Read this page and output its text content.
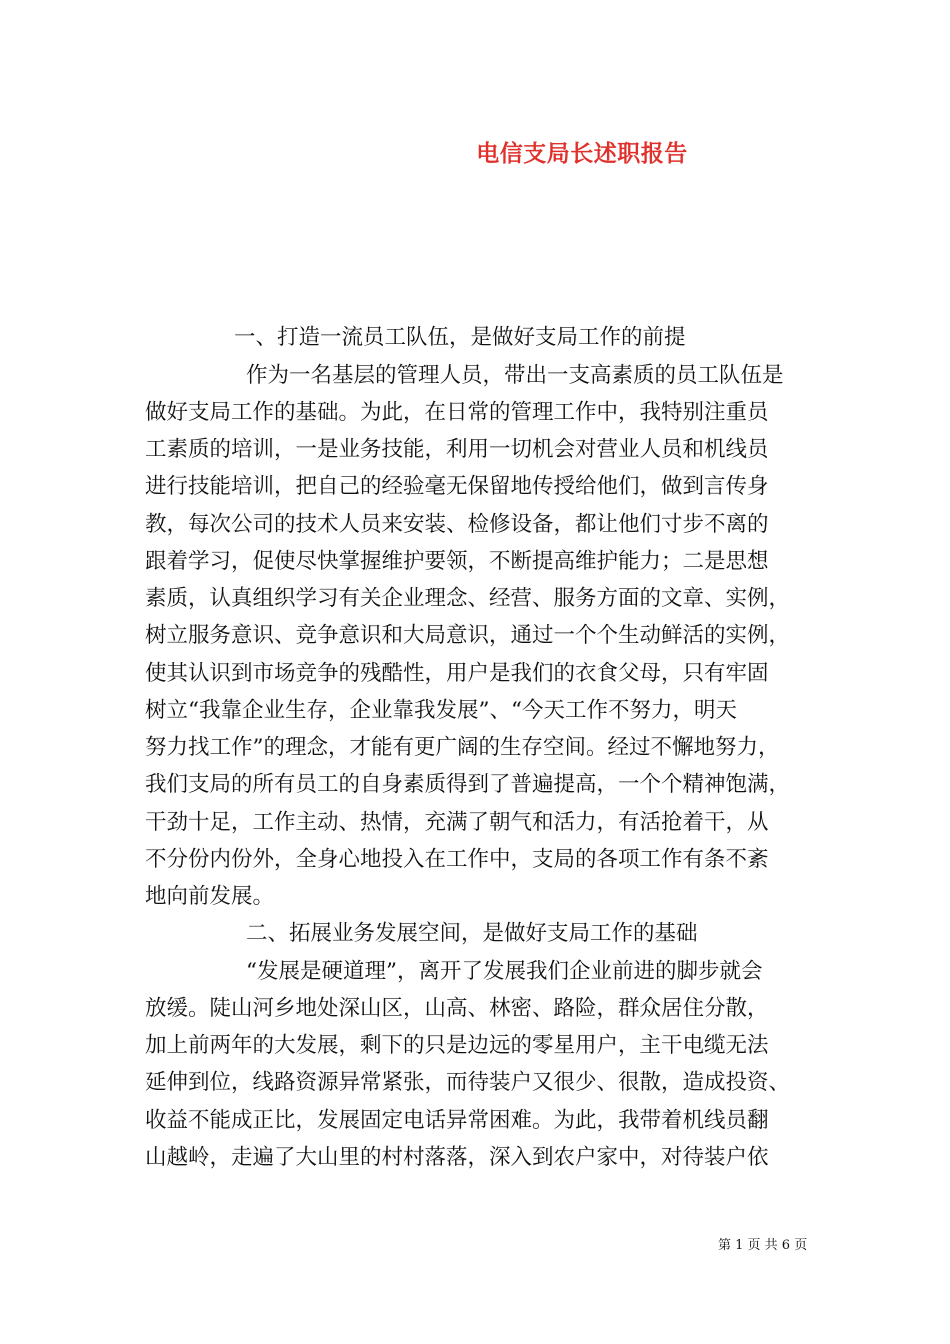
电信支局长述职报告
一、打造一流员工队伍，是做好支局工作的前提
作为一名基层的管理人员，带出一支高素质的员工队伍是
做好支局工作的基础。为此，在日常的管理工作中，我特别注重员
工素质的培训，一是业务技能，利用一切机会对营业人员和机线员
进行技能培训，把自己的经验毫无保留地传授给他们，做到言传身
教，每次公司的技术人员来安装、检修设备，都让他们寸步不离的
跟着学习，促使尽快掌握维护要领，不断提高维护能力；二是思想
素质，认真组织学习有关企业理念、经营、服务方面的文章、实例，
树立服务意识、竞争意识和大局意识，通过一个个生动鲜活的实例，
使其认识到市场竞争的残酷性，用户是我们的衣食父母，只有牢固
树立“我靠企业生存，企业靠我发展”、“今天工作不努力，明天
努力找工作”的理念，才能有更广阔的生存空间。经过不懈地努力，
我们支局的所有员工的自身素质得到了普遍提高，一个个精神饱满，
干劲十足，工作主动、热情，充满了朝气和活力，有活抢着干，从
不分份内份外，全身心地投入在工作中，支局的各项工作有条不紊
地向前发展。
二、拓展业务发展空间，是做好支局工作的基础
“发展是硬道理”，离开了发展我们企业前进的脚步就会
放缓。陡山河乡地处深山区，山高、林密、路险，群众居住分散，
加上前两年的大发展，剩下的只是边远的零星用户，主干电缆无法
延伸到位，线路资源异常紧张，而待装户又很少、很散，造成投资、
收益不能成正比，发展固定电话异常困难。为此，我带着机线员翻
山越岭，走遍了大山里的村村落落，深入到农户家中，对待装户依
第 1 页 共 6 页
